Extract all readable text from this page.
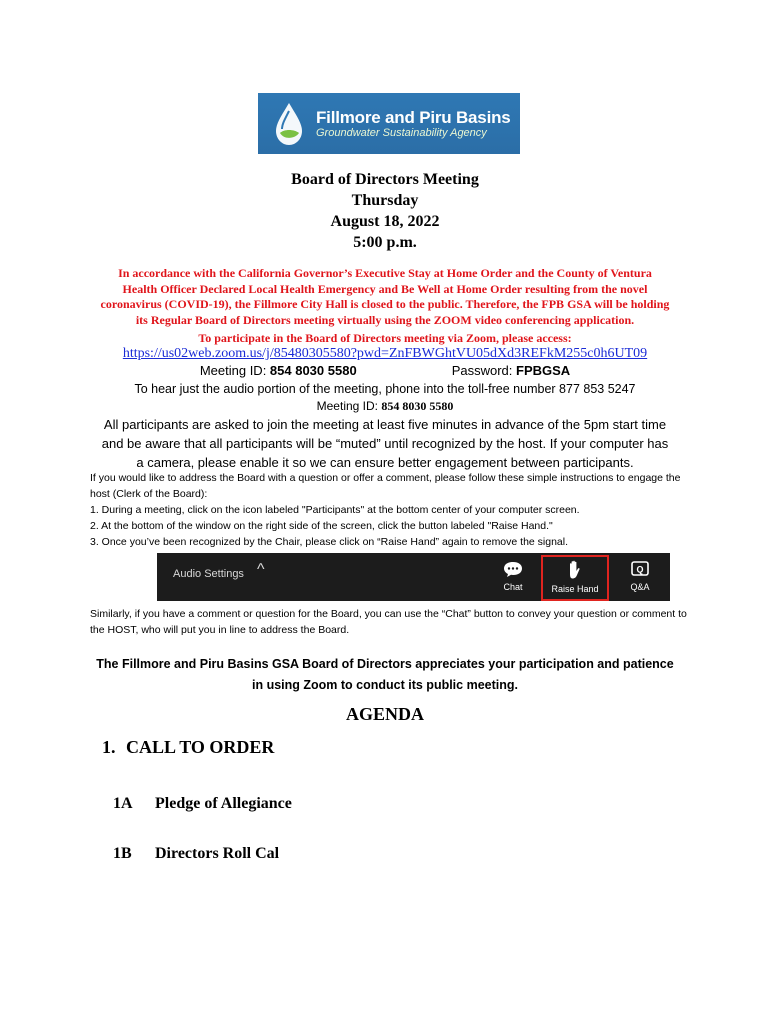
Fillmore and Piru Basins
Groundwater Sustainability Agency
Board of Directors Meeting
Thursday
August 18, 2022
5:00 p.m.
In accordance with the California Governor’s Executive Stay at Home Order and the County of Ventura Health Officer Declared Local Health Emergency and Be Well at Home Order resulting from the novel coronavirus (COVID-19), the Fillmore City Hall is closed to the public. Therefore, the FPB GSA will be holding its Regular Board of Directors meeting virtually using the ZOOM video conferencing application.
To participate in the Board of Directors meeting via Zoom, please access:
https://us02web.zoom.us/j/85480305580?pwd=ZnFBWGhtVU05dXd3REFkM255c0h6UT09
Meeting ID: 854 8030 5580	Password: FPBGSA
To hear just the audio portion of the meeting, phone into the toll-free number 877 853 5247
Meeting ID: 854 8030 5580
All participants are asked to join the meeting at least five minutes in advance of the 5pm start time and be aware that all participants will be “muted” until recognized by the host. If your computer has a camera, please enable it so we can ensure better engagement between participants.
If you would like to address the Board with a question or offer a comment, please follow these simple instructions to engage the host (Clerk of the Board):
1. During a meeting, click on the icon labeled "Participants" at the bottom center of your computer screen.
2. At the bottom of the window on the right side of the screen, click the button labeled "Raise Hand."
3. Once you’ve been recognized by the Chair, please click on “Raise Hand” again to remove the signal.
Audio Settings ^
Chat	Raise Hand
Q
Q&A
Similarly, if you have a comment or question for the Board, you can use the “Chat” button to convey your question or comment to the HOST, who will put you in line to address the Board.
The Fillmore and Piru Basins GSA Board of Directors appreciates your participation and patience in using Zoom to conduct its public meeting.
AGENDA
1. CALL TO ORDER
1A Pledge of Allegiance
1B Directors Roll Cal
